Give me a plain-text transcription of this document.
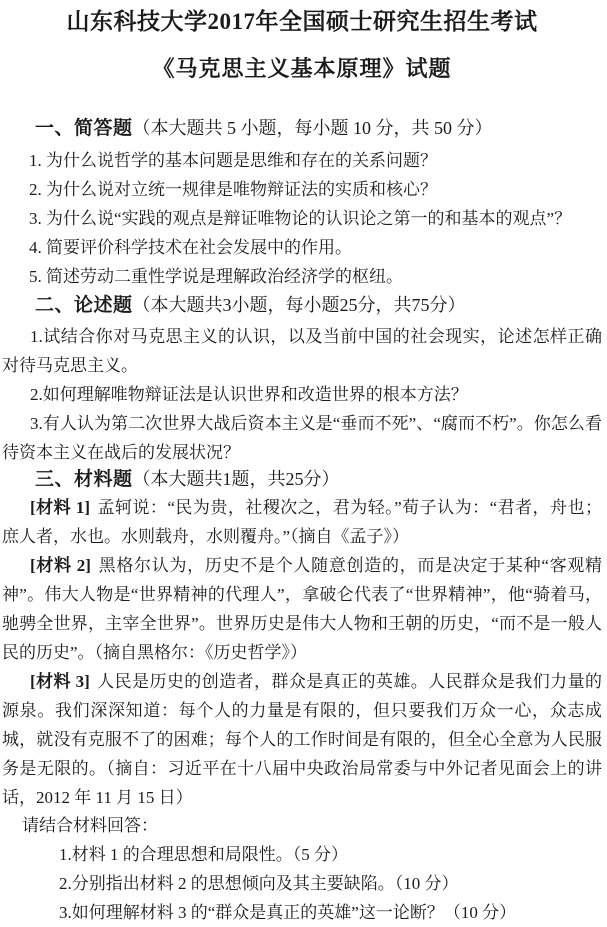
山东科技大学2017年全国硕士研究生招生考试
《马克思主义基本原理》试题
一、简答题（本大题共 5 小题，每小题 10 分，共 50 分）
1. 为什么说哲学的基本问题是思维和存在的关系问题？
2. 为什么说对立统一规律是唯物辩证法的实质和核心？
3. 为什么说“实践的观点是辩证唯物论的认识论之第一的和基本的观点”？
4. 简要评价科学技术在社会发展中的作用。
5. 简述劳动二重性学说是理解政治经济学的枢纽。
二、论述题（本大题共3小题，每小题25分，共75分）

1.试结合你对马克思主义的认识，以及当前中国的社会现实，论述怎样正确对待马克思主义。

2.如何理解唯物辩证法是认识世界和改造世界的根本方法？

3.有人认为第二次世界大战后资本主义是“垂而不死”、“腐而不朽”。你怎么看待资本主义在战后的发展状况？

三、材料题（本大题共1题，共25分）

[材料 1] 孟轲说：“民为贵，社稷次之，君为轻。”荀子认为：“君者，舟也；庶人者，水也。水则载舟，水则覆舟。”（摘自《孟子》）

[材料 2] 黑格尔认为，历史不是个人随意创造的，而是决定于某种“客观精神”。伟大人物是“世界精神的代理人”，拿破仑代表了“世界精神”，他“骑着马，驰骋全世界，主宰全世界”。世界历史是伟大人物和王朝的历史，“而不是一般人民的历史”。（摘自黑格尔：《历史哲学》）

[材料 3] 人民是历史的创造者，群众是真正的英雄。人民群众是我们力量的源泉。我们深深知道：每个人的力量是有限的，但只要我们万众一心，众志成城，就没有克服不了的困难；每个人的工作时间是有限的，但全心全意为人民服务是无限的。（摘自：习近平在十八届中央政治局常委与中外记者见面会上的讲话，2012 年 11 月 15 日）

请结合材料回答：

1.材料 1 的合理思想和局限性。（5 分）
2.分别指出材料 2 的思想倾向及其主要缺陷。（10 分）
3.如何理解材料 3 的“群众是真正的英雄”这一论断？（10 分）
